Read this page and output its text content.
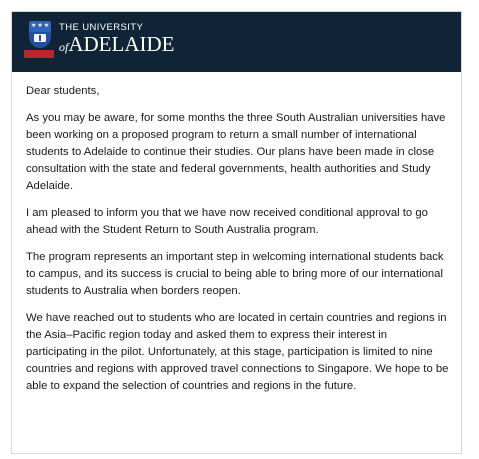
★★★ THE UNIVERSITY
ofADELAIDE

Dear students,

As you may be aware, for some months the three South Australian universities have been working on a proposed program to return a small number of international students to Adelaide to continue their studies. Our plans have been made in close consultation with the state and federal governments, health authorities and Study Adelaide.

I am pleased to inform you that we have now received conditional approval to go ahead with the Student Return to South Australia program.

The program represents an important step in welcoming international students back to campus, and its success is crucial to being able to bring more of our international students to Australia when borders reopen.

We have reached out to students who are located in certain countries and regions in the Asia–Pacific region today and asked them to express their interest in participating in the pilot. Unfortunately, at this stage, participation is limited to nine countries and regions with approved travel connections to Singapore. We hope to be able to expand the selection of countries and regions in the future.
